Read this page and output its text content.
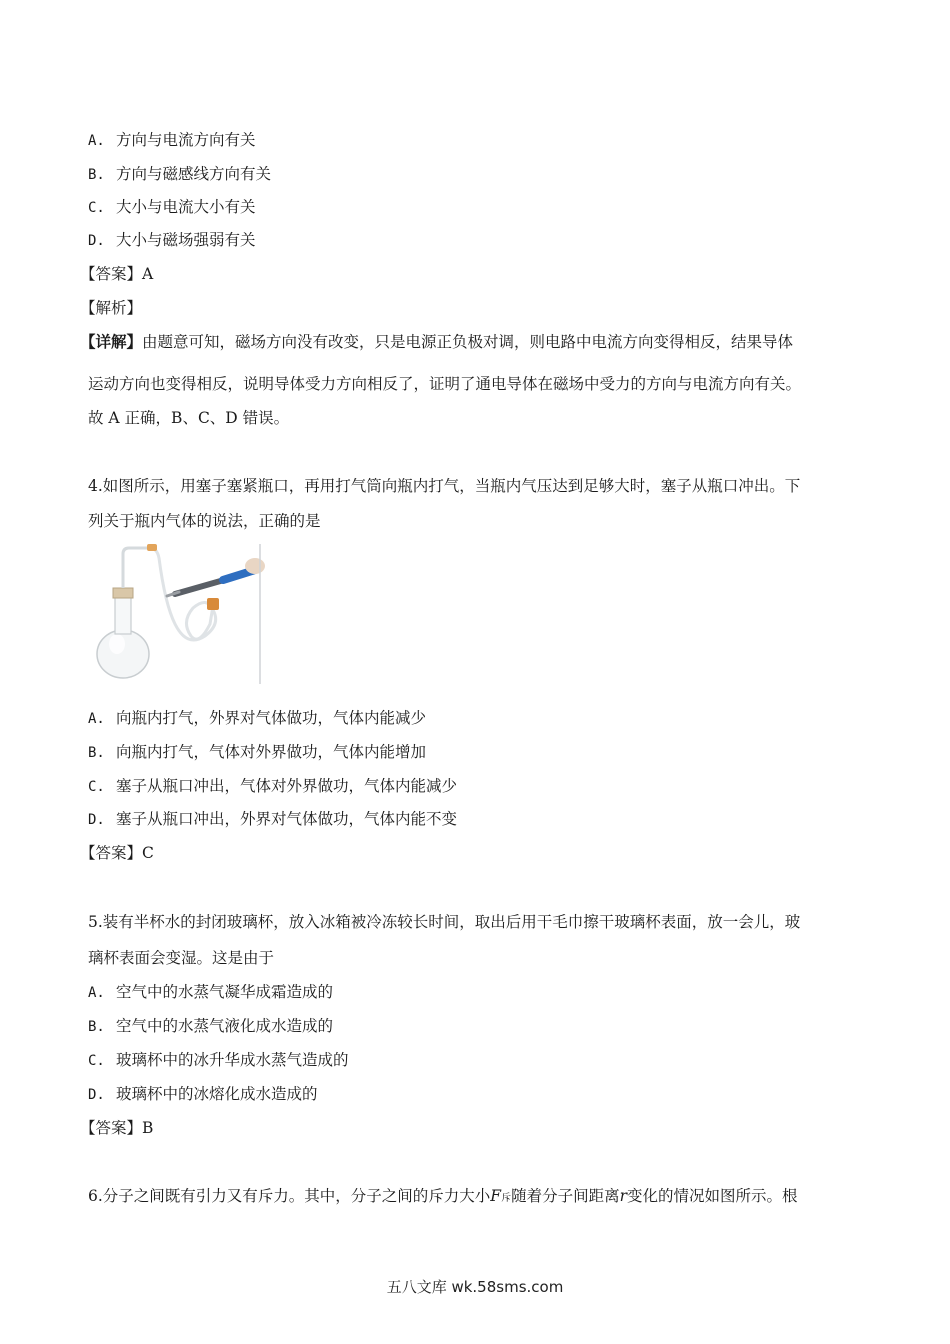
A. 方向与电流方向有关
B. 方向与磁感线方向有关
C. 大小与电流大小有关
D. 大小与磁场强弱有关
【答案】A
【解析】
【详解】由题意可知，磁场方向没有改变，只是电源正负极对调，则电路中电流方向变得相反，结果导体
运动方向也变得相反，说明导体受力方向相反了，证明了通电导体在磁场中受力的方向与电流方向有关。
故 A 正确，B、C、D 错误。
4.如图所示，用塞子塞紧瓶口，再用打气筒向瓶内打气，当瓶内气压达到足够大时，塞子从瓶口冲出。下
列关于瓶内气体的说法，正确的是
A. 向瓶内打气，外界对气体做功，气体内能减少
B. 向瓶内打气，气体对外界做功，气体内能增加
C. 塞子从瓶口冲出，气体对外界做功，气体内能减少
D. 塞子从瓶口冲出，外界对气体做功，气体内能不变
【答案】C
5.装有半杯水的封闭玻璃杯，放入冰箱被冷冻较长时间，取出后用干毛巾擦干玻璃杯表面，放一会儿，玻
璃杯表面会变湿。这是由于
A. 空气中的水蒸气凝华成霜造成的
B. 空气中的水蒸气液化成水造成的
C. 玻璃杯中的冰升华成水蒸气造成的
D. 玻璃杯中的冰熔化成水造成的
【答案】B
6.分子之间既有引力又有斥力。其中，分子之间的斥力大小F斥随着分子间距离r变化的情况如图所示。根
五八文库 wk.58sms.com
